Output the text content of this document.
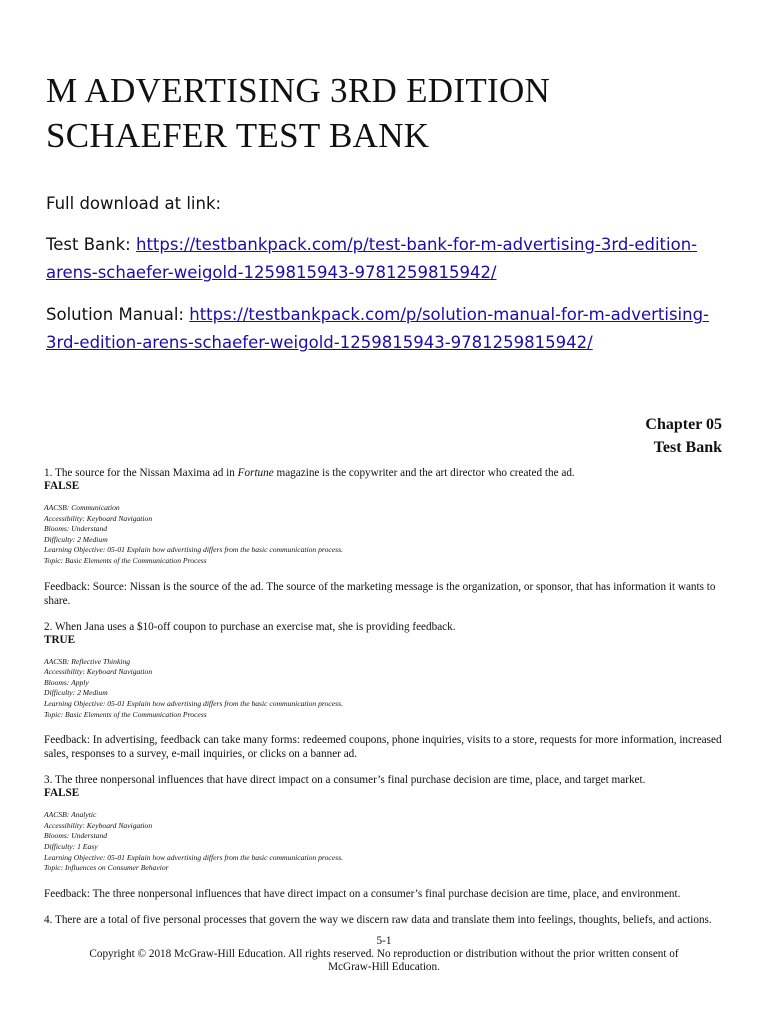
M ADVERTISING 3RD EDITION
SCHAEFER TEST BANK
Full download at link:
Test Bank: https://testbankpack.com/p/test-bank-for-m-advertising-3rd-edition-
arens-schaefer-weigold-1259815943-9781259815942/
Solution Manual: https://testbankpack.com/p/solution-manual-for-m-advertising-
3rd-edition-arens-schaefer-weigold-1259815943-9781259815942/
Chapter 05
Test Bank

1. The source for the Nissan Maxima ad in Fortune magazine is the copywriter and the art director who created the ad.

FALSE

AACSB: Communication

Accessibility: Keyboard Navigation

Blooms: Understand

Difficulty: 2 Medium

Learning Objective: 05-01 Explain how advertising differs from the basic communication process.

Topic: Basic Elements of the Communication Process

Feedback: Source: Nissan is the source of the ad. The source of the marketing message is the organization, or sponsor, that has information it wants to share.

2. When Jana uses a $10-off coupon to purchase an exercise mat, she is providing feedback.

TRUE

AACSB: Reflective Thinking

Accessibility: Keyboard Navigation

Blooms: Apply

Difficulty: 2 Medium

Learning Objective: 05-01 Explain how advertising differs from the basic communication process.

Topic: Basic Elements of the Communication Process

Feedback: In advertising, feedback can take many forms: redeemed coupons, phone inquiries, visits to a store, requests for more information, increased sales, responses to a survey, e-mail inquiries, or clicks on a banner ad.

3. The three nonpersonal influences that have direct impact on a consumer’s final purchase decision are time, place, and target market.

FALSE

AACSB: Analytic

Accessibility: Keyboard Navigation

Blooms: Understand

Difficulty: 1 Easy

Learning Objective: 05-01 Explain how advertising differs from the basic communication process.

Topic: Influences on Consumer Behavior

Feedback: The three nonpersonal influences that have direct impact on a consumer’s final purchase decision are time, place, and environment.

4. There are a total of five personal processes that govern the way we discern raw data and translate them into feelings, thoughts, beliefs, and actions.

5-1
Copyright © 2018 McGraw-Hill Education. All rights reserved. No reproduction or distribution without the prior written consent of
McGraw-Hill Education.
